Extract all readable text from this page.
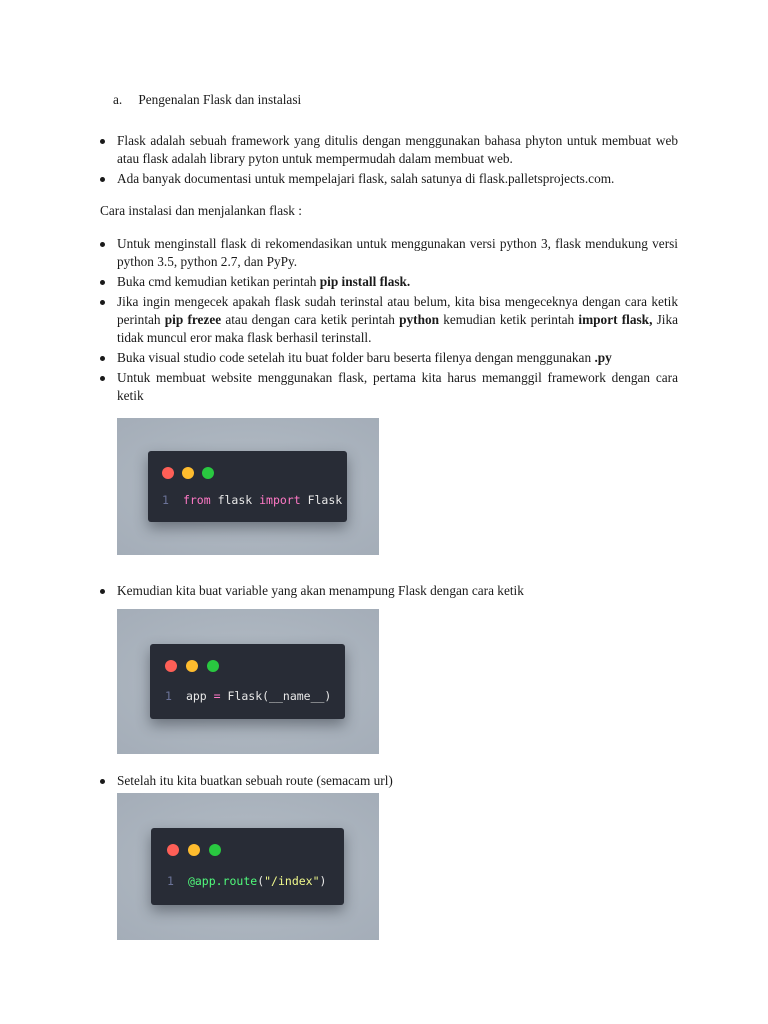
a. Pengenalan Flask dan instalasi
Flask adalah sebuah framework yang ditulis dengan menggunakan bahasa phyton untuk membuat web atau flask adalah library pyton untuk mempermudah dalam membuat web.
Ada banyak documentasi untuk mempelajari flask, salah satunya di flask.palletsprojects.com.
Cara instalasi dan menjalankan flask :
Untuk menginstall flask di rekomendasikan untuk menggunakan versi python 3, flask mendukung versi python 3.5, python 2.7, dan PyPy.
Buka cmd kemudian ketikan perintah pip install flask.
Jika ingin mengecek apakah flask sudah terinstal atau belum, kita bisa mengeceknya dengan cara ketik perintah pip frezee atau dengan cara ketik perintah python kemudian ketik perintah import flask, Jika tidak muncul eror maka flask berhasil terinstall.
Buka visual studio code setelah itu buat folder baru beserta filenya dengan menggunakan .py
Untuk membuat website menggunakan flask, pertama kita harus memanggil framework dengan cara ketik
1 from flask import Flask
Kemudian kita buat variable yang akan menampung Flask dengan cara ketik
1 app = Flask(__name__)
Setelah itu kita buatkan sebuah route (semacam url)
1 @app.route("/index")
